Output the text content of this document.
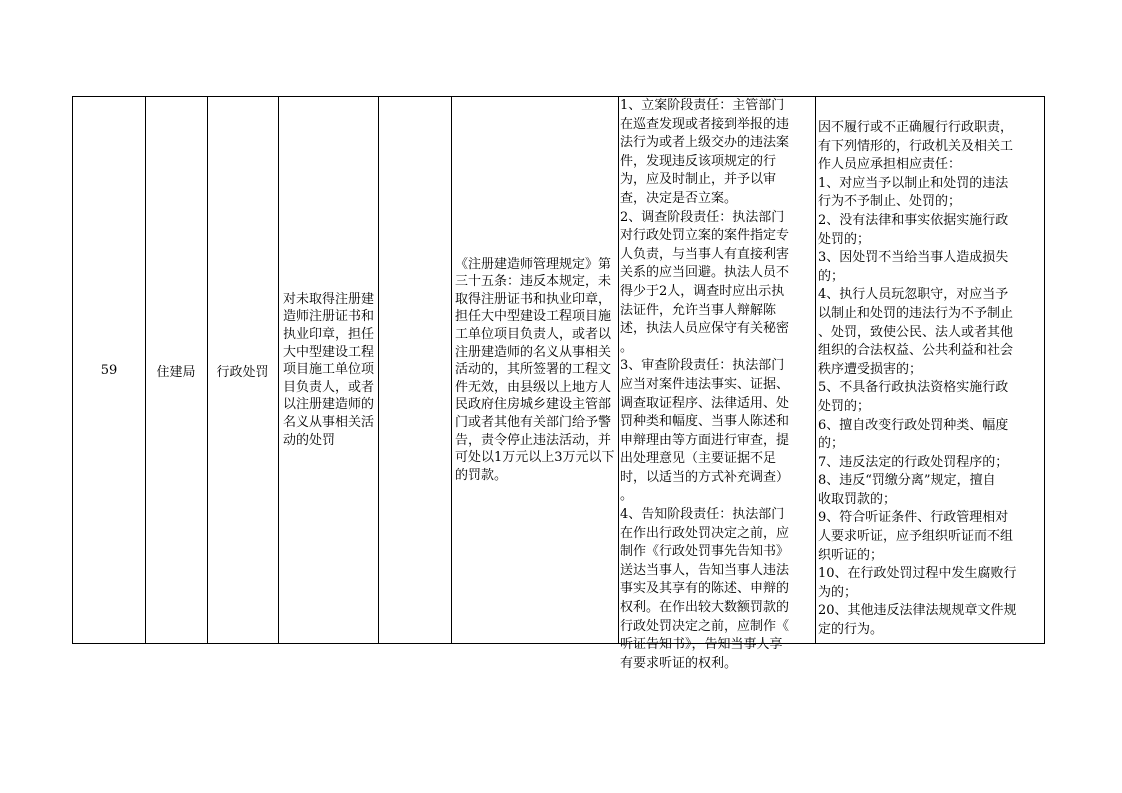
59	住建局 行政处罚
对未取得注册建造师注册证书和执业印章，担任大中型建设工程项目施工单位项目负责人，或者以注册建造师的名义从事相关活动的处罚
《注册建造师管理规定》第三十五条：违反本规定，未取得注册证书和执业印章，担任大中型建设工程项目施工单位项目负责人，或者以注册建造师的名义从事相关活动的，其所签署的工程文件无效，由县级以上地方人民政府住房城乡建设主管部门或者其他有关部门给予警告，责令停止违法活动，并可处以1万元以上3万元以下的罚款。
1、立案阶段责任：主管部门
在巡查发现或者接到举报的违
法行为或者上级交办的违法案
件，发现违反该项规定的行
为，应及时制止，并予以审
查，决定是否立案。
2、调查阶段责任：执法部门
对行政处罚立案的案件指定专
人负责，与当事人有直接利害
关系的应当回避。执法人员不
得少于2人，调查时应出示执
法证件，允许当事人辩解陈
述，执法人员应保守有关秘密
。
3、审查阶段责任：执法部门
应当对案件违法事实、证据、
调查取证程序、法律适用、处
罚种类和幅度、当事人陈述和
申辩理由等方面进行审查，提
出处理意见（主要证据不足
时，以适当的方式补充调查）
。
4、告知阶段责任：执法部门
在作出行政处罚决定之前，应
制作《行政处罚事先告知书》
送达当事人，告知当事人违法
事实及其享有的陈述、申辩的
权利。在作出较大数额罚款的
行政处罚决定之前，应制作《
听证告知书》，告知当事人享
有要求听证的权利。
因不履行或不正确履行行政职责，
有下列情形的，行政机关及相关工
作人员应承担相应责任：
1、对应当予以制止和处罚的违法
行为不予制止、处罚的；
2、没有法律和事实依据实施行政
处罚的；
3、因处罚不当给当事人造成损失
的；
4、执行人员玩忽职守，对应当予
以制止和处罚的违法行为不予制止
、处罚，致使公民、法人或者其他
组织的合法权益、公共利益和社会
秩序遭受损害的；
5、不具备行政执法资格实施行政
处罚的；
6、擅自改变行政处罚种类、幅度
的；
7、违反法定的行政处罚程序的；
8、违反“罚缴分离”规定，擅自
收取罚款的；
9、符合听证条件、行政管理相对
人要求听证，应予组织听证而不组
织听证的；
10、在行政处罚过程中发生腐败行
为的；
20、其他违反法律法规规章文件规
定的行为。
